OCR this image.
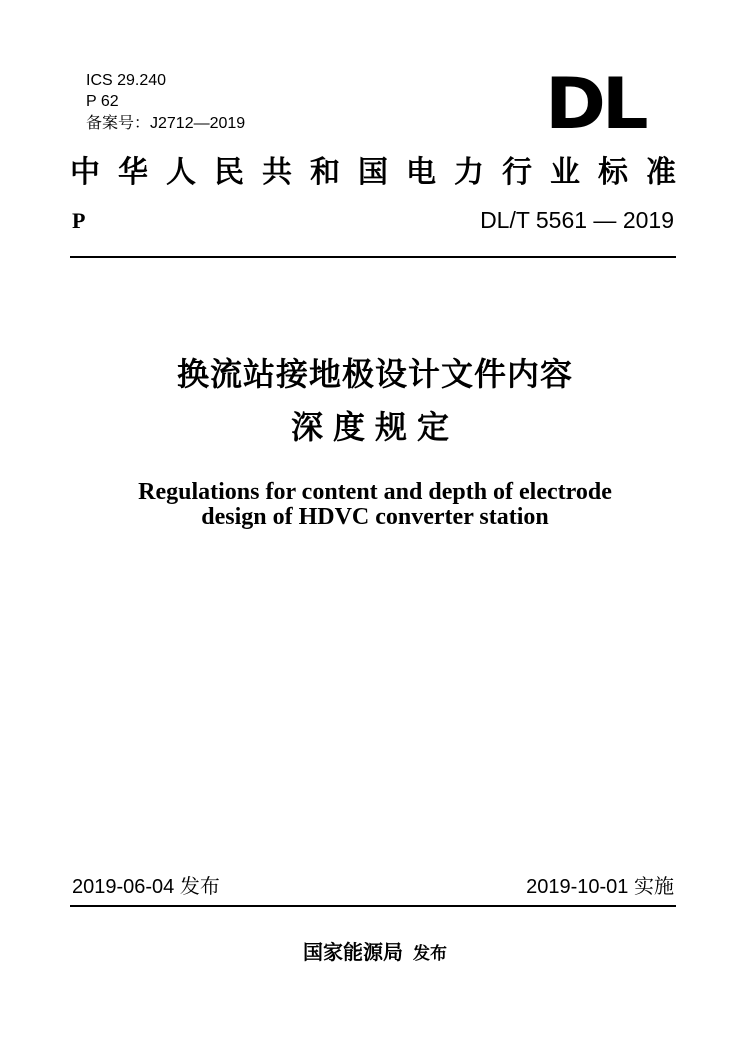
ICS 29.240
P 62
备案号：J2712—2019	DL
中 华 人 民 共 和 国 电 力 行 业 标 准
P	DL/T 5561 — 2019
换流站接地极设计文件内容
深度规定
Regulations for content and depth of electrode
design of HDVC converter station
2019-06-04 发布	2019-10-01 实施
国家能源局 发布
